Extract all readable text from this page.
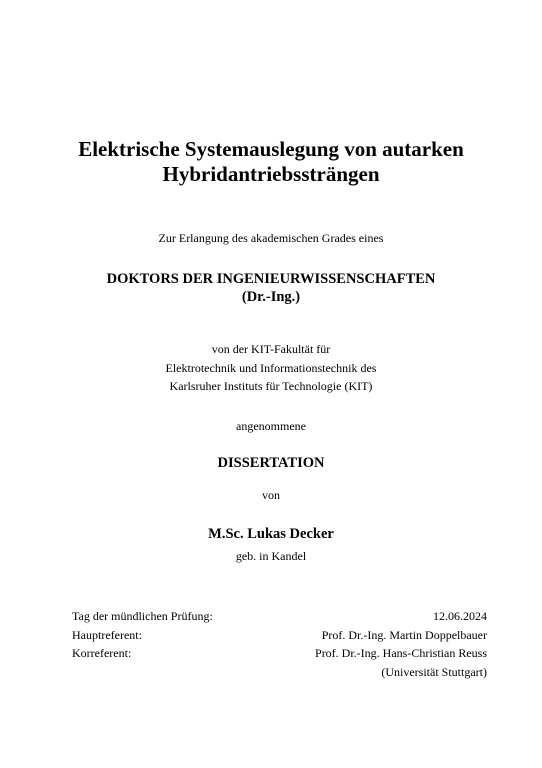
Elektrische Systemauslegung von autarken
Hybridantriebssträngen
Zur Erlangung des akademischen Grades eines
DOKTORS DER INGENIEURWISSENSCHAFTEN
(Dr.-Ing.)
von der KIT-Fakultät für
Elektrotechnik und Informationstechnik des
Karlsruher Instituts für Technologie (KIT)
angenommene
DISSERTATION
von
M.Sc. Lukas Decker
geb. in Kandel
Tag der mündlichen Prüfung:	12.06.2024
Hauptreferent:	Prof. Dr.-Ing. Martin Doppelbauer
Korreferent:	Prof. Dr.-Ing. Hans-Christian Reuss
(Universität Stuttgart)
